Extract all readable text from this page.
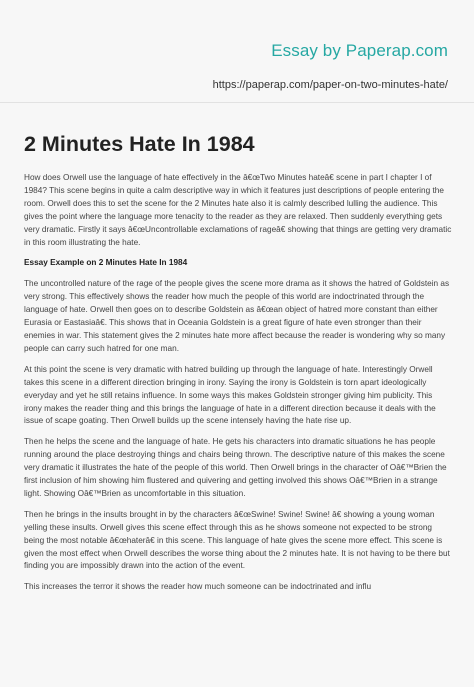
Essay by Paperap.com
https://paperap.com/paper-on-two-minutes-hate/
2 Minutes Hate In 1984

How does Orwell use the language of hate effectively in the â€œTwo Minutes hateâ€ scene in part I chapter I of 1984? This scene begins in quite a calm descriptive way in which it features just descriptions of people entering the room. Orwell does this to set the scene for the 2 Minutes hate also it is calmly described lulling the audience. This gives the point where the language more tenacity to the reader as they are relaxed. Then suddenly everything gets very dramatic. Firstly it says â€œUncontrollable exclamations of rageâ€ showing that things are getting very dramatic in this room illustrating the hate.

Essay Example on 2 Minutes Hate In 1984

The uncontrolled nature of the rage of the people gives the scene more drama as it shows the hatred of Goldstein as very strong. This effectively shows the reader how much the people of this world are indoctrinated through the language of hate. Orwell then goes on to describe Goldstein as â€œan object of hatred more constant than either Eurasia or Eastasiaâ€. This shows that in Oceania Goldstein is a great figure of hate even stronger than their enemies in war. This statement gives the 2 minutes hate more affect because the reader is wondering why so many people can carry such hatred for one man.

At this point the scene is very dramatic with hatred building up through the language of hate. Interestingly Orwell takes this scene in a different direction bringing in irony. Saying the irony is Goldstein is torn apart ideologically everyday and yet he still retains influence. In some ways this makes Goldstein stronger giving him publicity. This irony makes the reader thing and this brings the language of hate in a different direction because it deals with the issue of scape goating. Then Orwell builds up the scene intensely having the hate rise up.

Then he helps the scene and the language of hate. He gets his characters into dramatic situations he has people running around the place destroying things and chairs being thrown. The descriptive nature of this makes the scene very dramatic it illustrates the hate of the people of this world. Then Orwell brings in the character of Oâ€™Brien the first inclusion of him showing him flustered and quivering and getting involved this shows Oâ€™Brien in a strange light. Showing Oâ€™Brien as uncomfortable in this situation.

Then he brings in the insults brought in by the characters â€œSwine! Swine! Swine! â€ showing a young woman yelling these insults. Orwell gives this scene effect through this as he shows someone not expected to be strong being the most notable â€œhaterâ€ in this scene. This language of hate gives the scene more effect. This scene is given the most effect when Orwell describes the worse thing about the 2 minutes hate. It is not having to be there but finding you are impossibly drawn into the action of the event.

This increases the terror it shows the reader how much someone can be indoctrinated and influ
